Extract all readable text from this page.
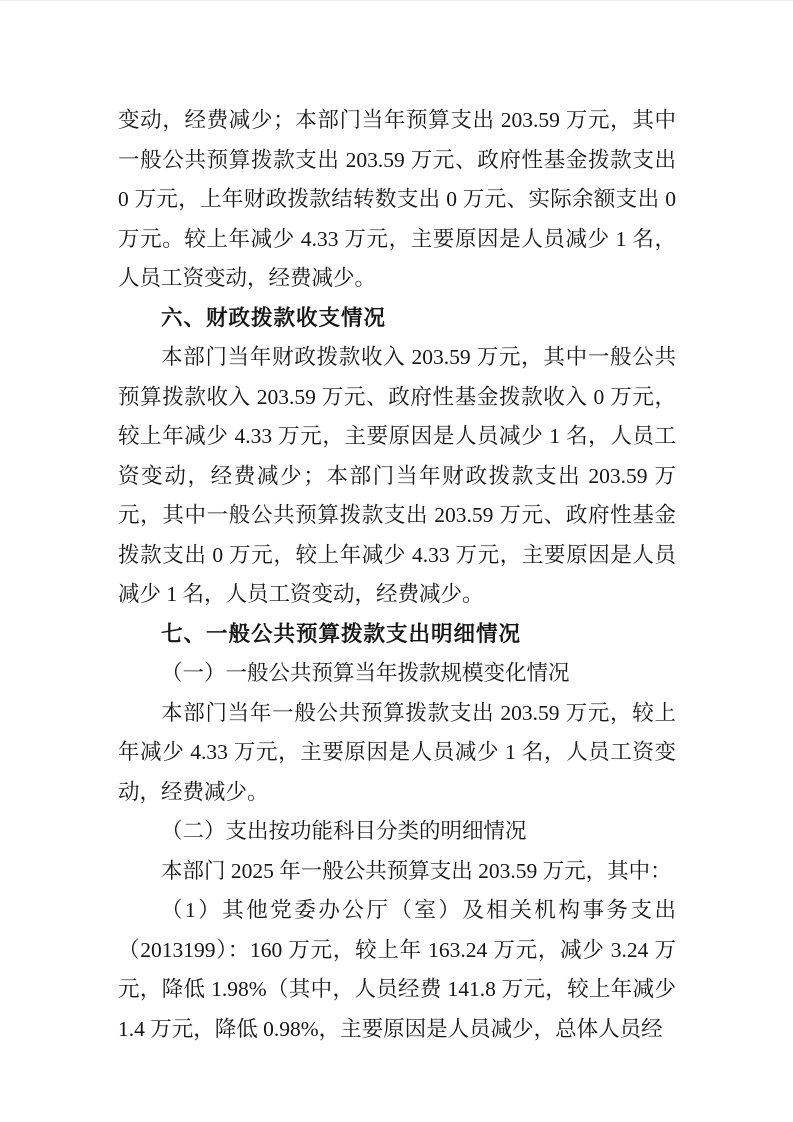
变动，经费减少；本部门当年预算支出 203.59 万元，其中一般公共预算拨款支出 203.59 万元、政府性基金拨款支出 0 万元，上年财政拨款结转数支出 0 万元、实际余额支出 0 万元。较上年减少 4.33 万元，主要原因是人员减少 1 名，人员工资变动，经费减少。

六、财政拨款收支情况

本部门当年财政拨款收入 203.59 万元，其中一般公共预算拨款收入 203.59 万元、政府性基金拨款收入 0 万元，较上年减少 4.33 万元，主要原因是人员减少 1 名，人员工资变动，经费减少；本部门当年财政拨款支出 203.59 万元，其中一般公共预算拨款支出 203.59 万元、政府性基金拨款支出 0 万元，较上年减少 4.33 万元，主要原因是人员减少 1 名，人员工资变动，经费减少。

七、一般公共预算拨款支出明细情况

（一）一般公共预算当年拨款规模变化情况

本部门当年一般公共预算拨款支出 203.59 万元，较上年减少 4.33 万元，主要原因是人员减少 1 名，人员工资变动，经费减少。

（二）支出按功能科目分类的明细情况

本部门 2025 年一般公共预算支出 203.59 万元，其中：

（1）其他党委办公厅（室）及相关机构事务支出（2013199）：160 万元，较上年 163.24 万元，减少 3.24 万元，降低 1.98%（其中，人员经费 141.8 万元，较上年减少 1.4 万元，降低 0.98%，主要原因是人员减少，总体人员经
